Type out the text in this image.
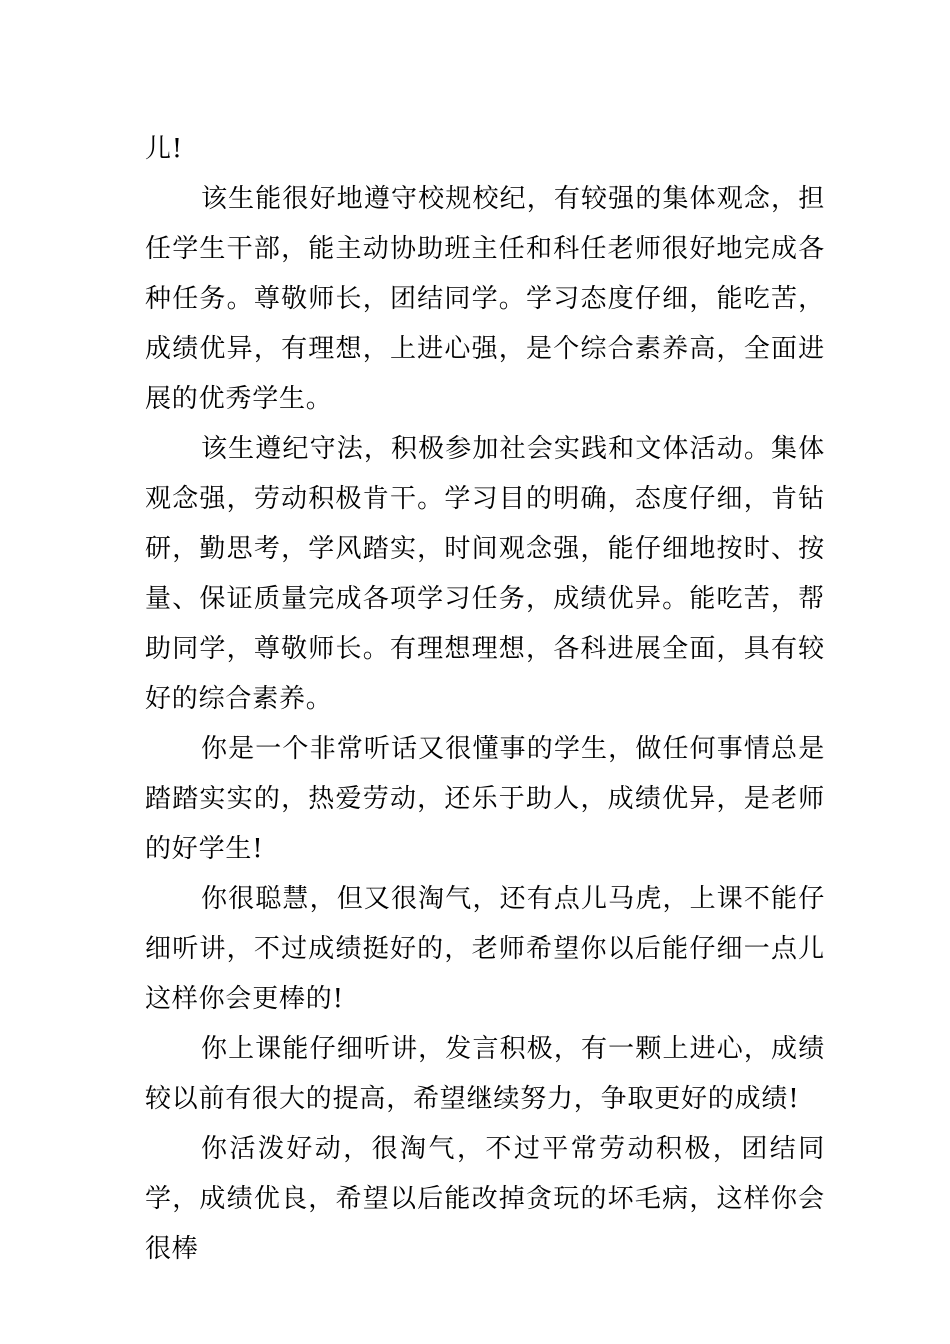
儿!

该生能很好地遵守校规校纪，有较强的集体观念，担任学生干部，能主动协助班主任和科任老师很好地完成各种任务。尊敬师长，团结同学。学习态度仔细，能吃苦，成绩优异，有理想，上进心强，是个综合素养高，全面进展的优秀学生。

该生遵纪守法，积极参加社会实践和文体活动。集体观念强，劳动积极肯干。学习目的明确，态度仔细，肯钻研，勤思考，学风踏实，时间观念强，能仔细地按时、按量、保证质量完成各项学习任务，成绩优异。能吃苦，帮助同学，尊敬师长。有理想理想，各科进展全面，具有较好的综合素养。

你是一个非常听话又很懂事的学生，做任何事情总是踏踏实实的，热爱劳动，还乐于助人，成绩优异，是老师的好学生!

你很聪慧，但又很淘气，还有点儿马虎，上课不能仔细听讲，不过成绩挺好的，老师希望你以后能仔细一点儿这样你会更棒的!

你上课能仔细听讲，发言积极，有一颗上进心，成绩较以前有很大的提高，希望继续努力，争取更好的成绩!

你活泼好动，很淘气，不过平常劳动积极，团结同学，成绩优良，希望以后能改掉贪玩的坏毛病，这样你会很棒
